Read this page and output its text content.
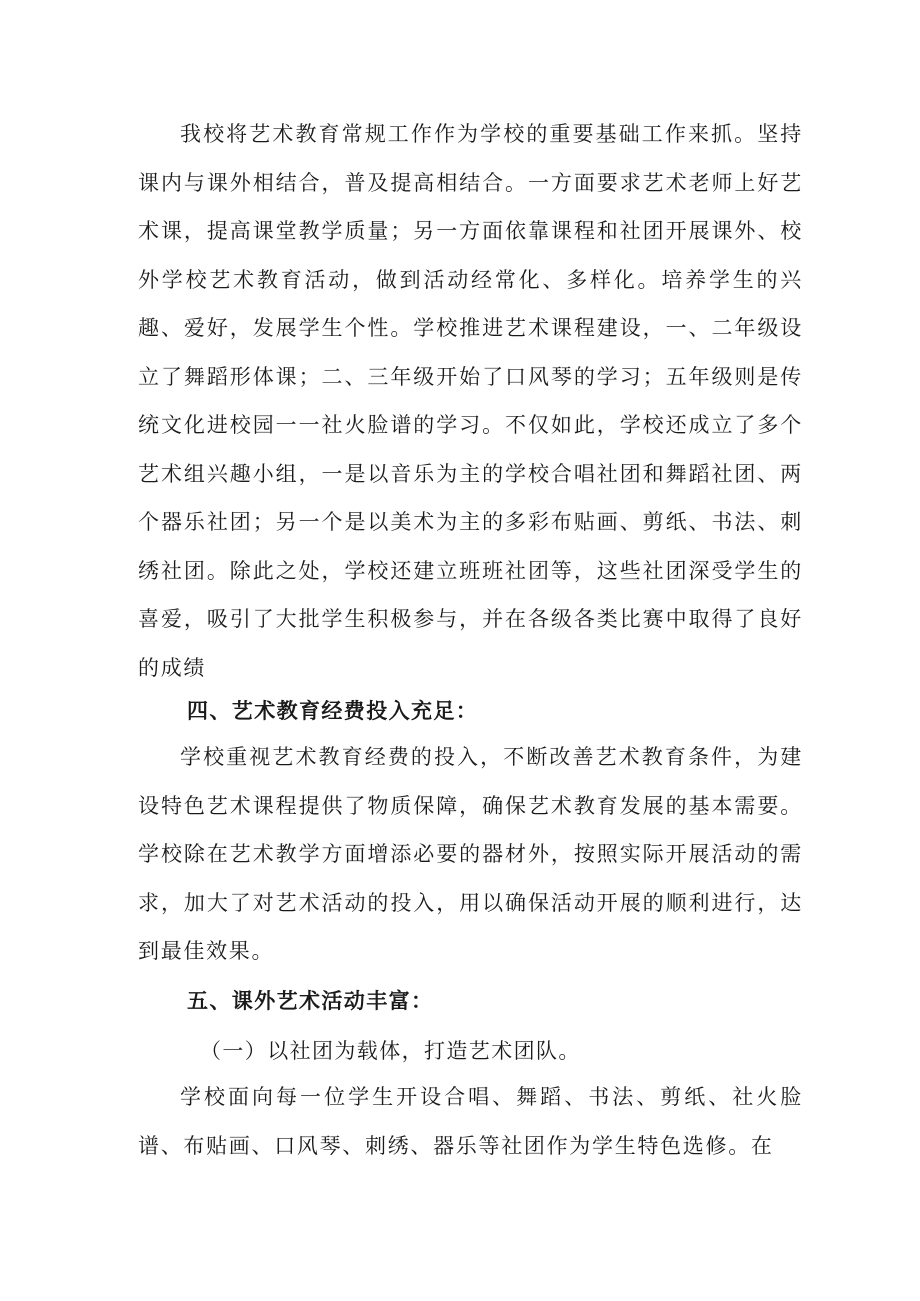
我校将艺术教育常规工作作为学校的重要基础工作来抓。坚持课内与课外相结合，普及提高相结合。一方面要求艺术老师上好艺术课，提高课堂教学质量；另一方面依靠课程和社团开展课外、校外学校艺术教育活动，做到活动经常化、多样化。培养学生的兴趣、爱好，发展学生个性。学校推进艺术课程建设，一、二年级设立了舞蹈形体课；二、三年级开始了口风琴的学习；五年级则是传统文化进校园一一社火脸谱的学习。不仅如此，学校还成立了多个艺术组兴趣小组，一是以音乐为主的学校合唱社团和舞蹈社团、两个器乐社团；另一个是以美术为主的多彩布贴画、剪纸、书法、刺绣社团。除此之处，学校还建立班班社团等，这些社团深受学生的喜爱，吸引了大批学生积极参与，并在各级各类比赛中取得了良好的成绩

四、艺术教育经费投入充足：

学校重视艺术教育经费的投入，不断改善艺术教育条件，为建设特色艺术课程提供了物质保障，确保艺术教育发展的基本需要。学校除在艺术教学方面增添必要的器材外，按照实际开展活动的需求，加大了对艺术活动的投入，用以确保活动开展的顺利进行，达到最佳效果。

五、课外艺术活动丰富：
（一）以社团为载体，打造艺术团队。

学校面向每一位学生开设合唱、舞蹈、书法、剪纸、社火脸谱、布贴画、口风琴、刺绣、器乐等社团作为学生特色选修。在
